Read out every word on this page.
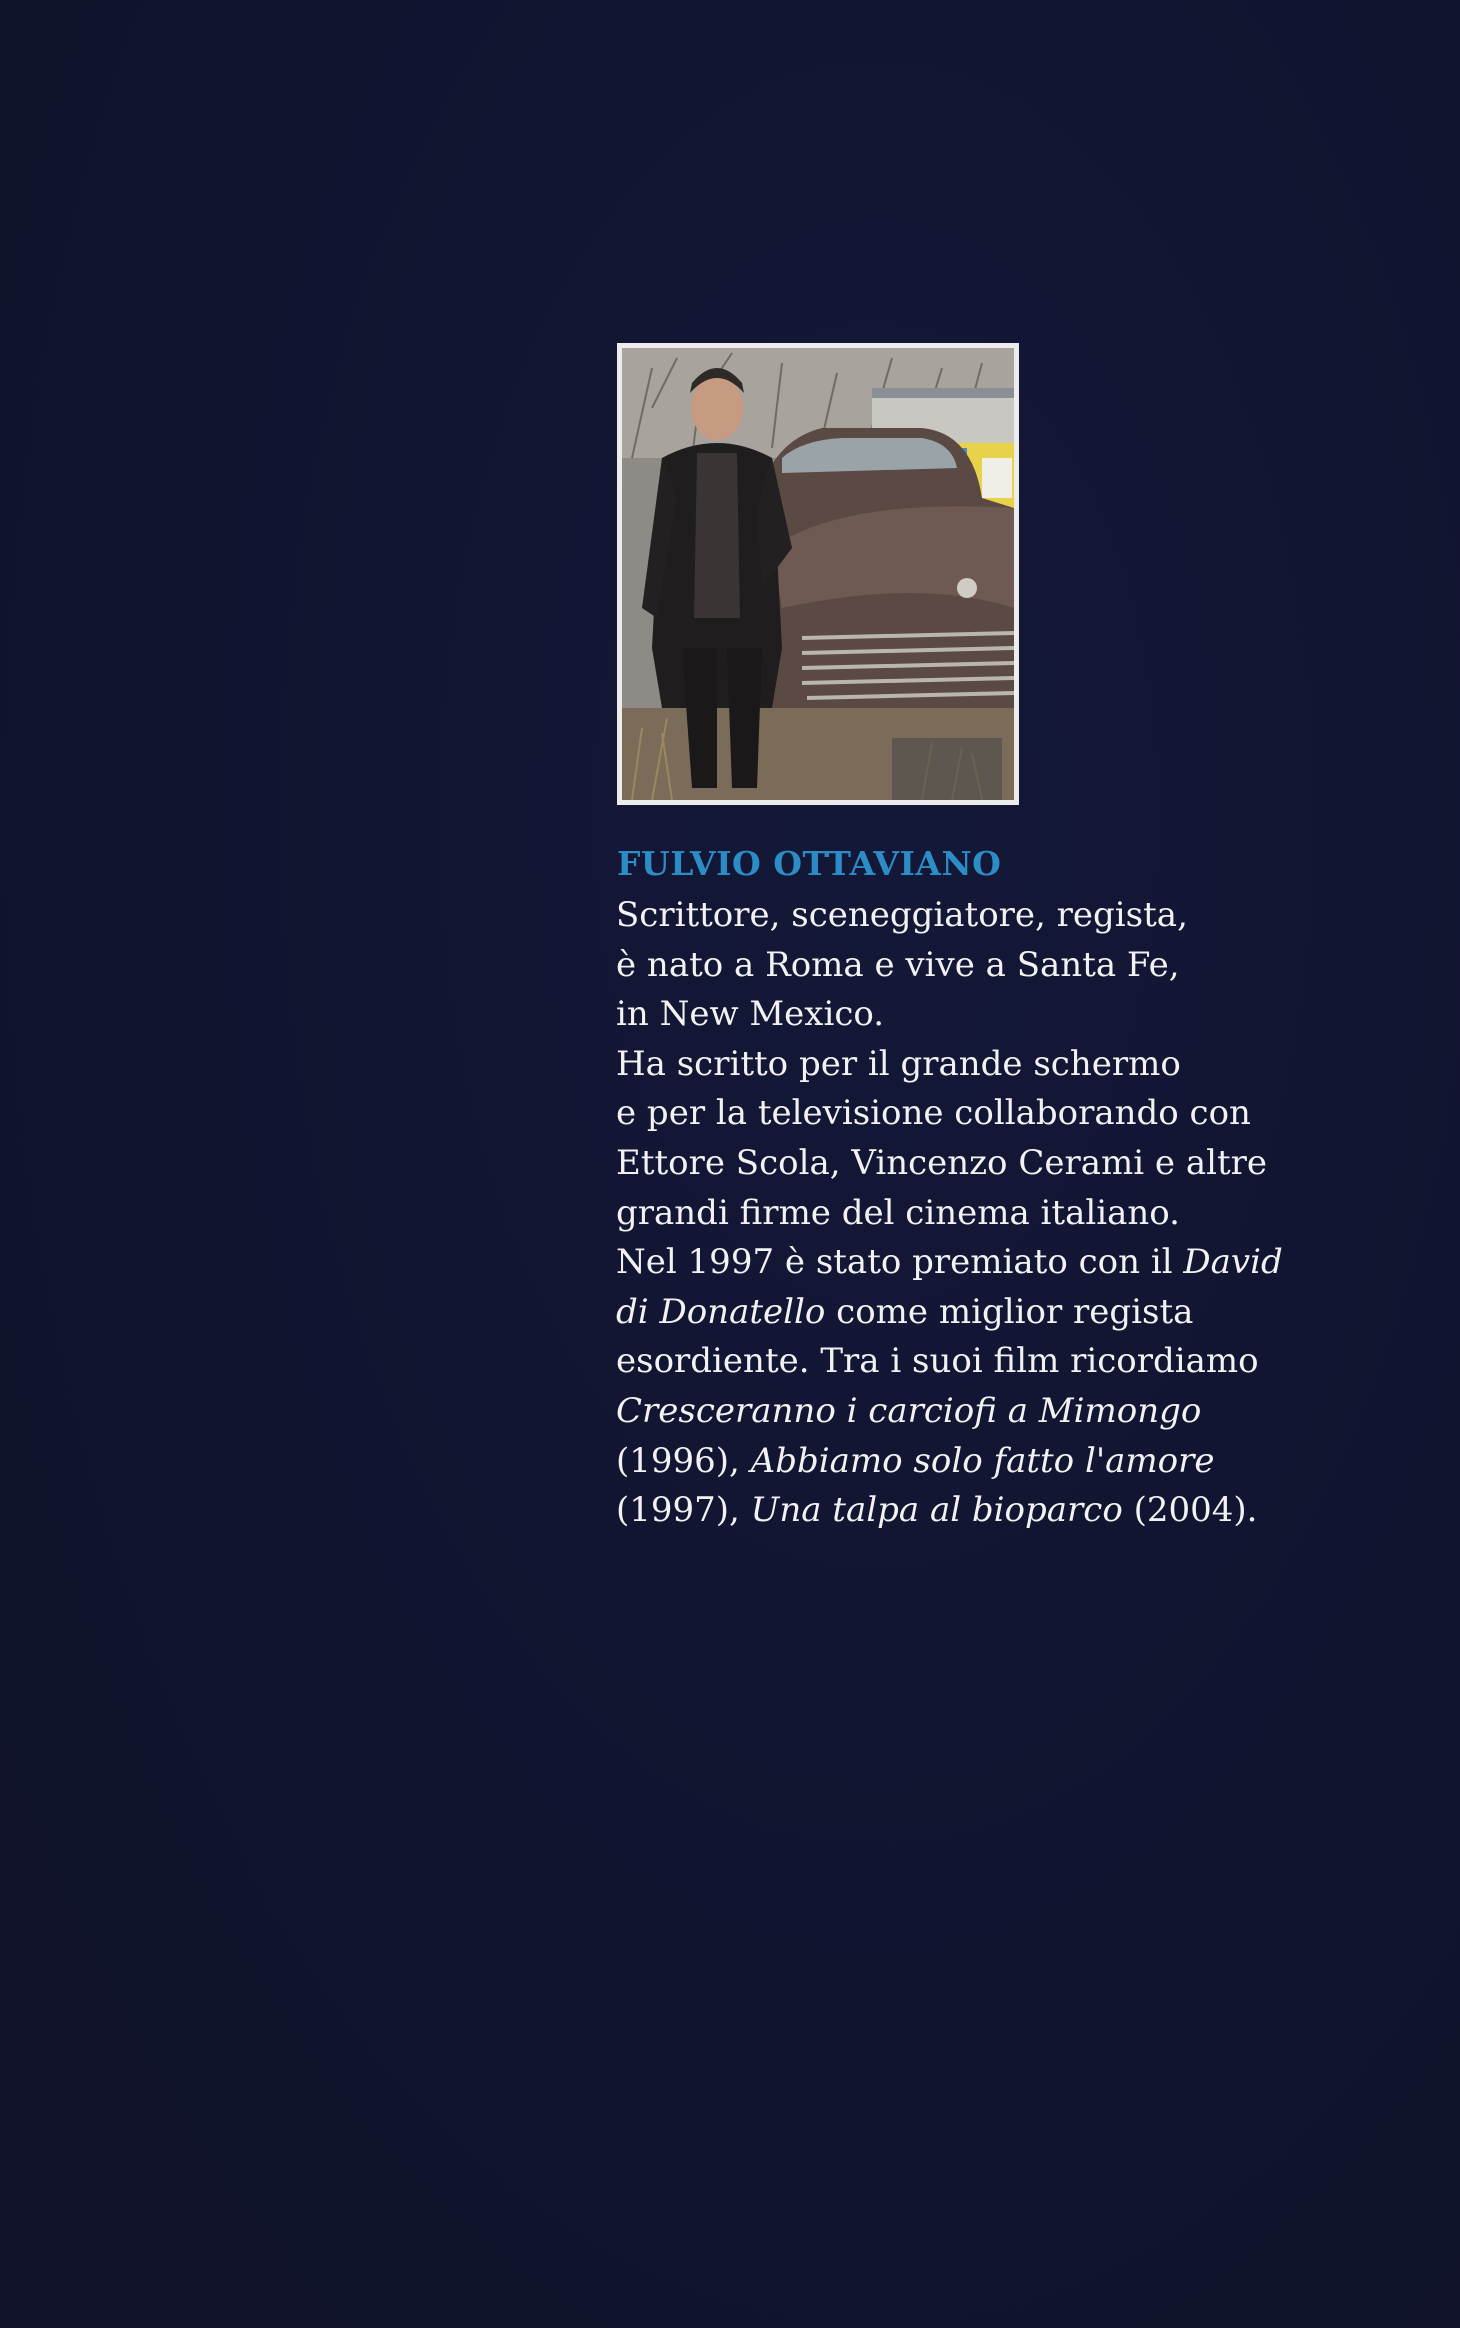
FULVIO OTTAVIANO

Scrittore, sceneggiatore, regista,
è nato a Roma e vive a Santa Fe,
in New Mexico.
Ha scritto per il grande schermo
e per la televisione collaborando con
Ettore Scola, Vincenzo Cerami e altre
grandi firme del cinema italiano.
Nel 1997 è stato premiato con il David
di Donatello come miglior regista
esordiente. Tra i suoi film ricordiamo
Cresceranno i carciofi a Mimongo
(1996), Abbiamo solo fatto l'amore
(1997), Una talpa al bioparco (2004).
